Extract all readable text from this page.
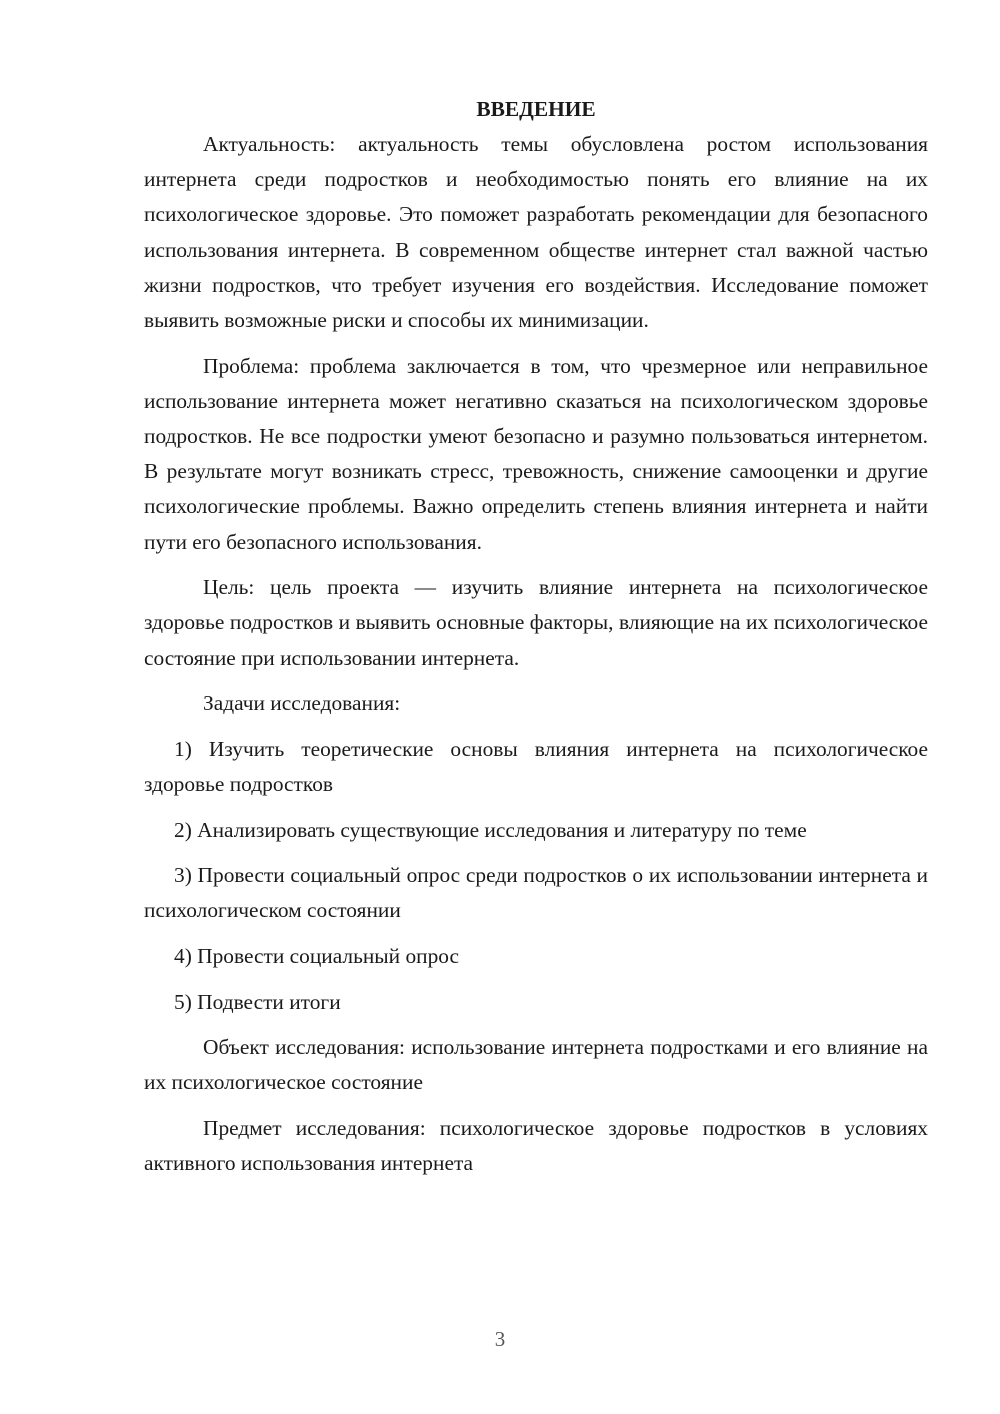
ВВЕДЕНИЕ

Актуальность: актуальность темы обусловлена ростом использования интернета среди подростков и необходимостью понять его влияние на их психологическое здоровье. Это поможет разработать рекомендации для безопасного использования интернета. В современном обществе интернет стал важной частью жизни подростков, что требует изучения его воздействия. Исследование поможет выявить возможные риски и способы их минимизации.

Проблема: проблема заключается в том, что чрезмерное или неправильное использование интернета может негативно сказаться на психологическом здоровье подростков. Не все подростки умеют безопасно и разумно пользоваться интернетом. В результате могут возникать стресс, тревожность, снижение самооценки и другие психологические проблемы. Важно определить степень влияния интернета и найти пути его безопасного использования.

Цель: цель проекта — изучить влияние интернета на психологическое здоровье подростков и выявить основные факторы, влияющие на их психологическое состояние при использовании интернета.

Задачи исследования:

1) Изучить теоретические основы влияния интернета на психологическое здоровье подростков

2) Анализировать существующие исследования и литературу по теме

3) Провести социальный опрос среди подростков о их использовании интернета и психологическом состоянии

4) Провести социальный опрос

5) Подвести итоги

Объект исследования: использование интернета подростками и его влияние на их психологическое состояние

Предмет исследования: психологическое здоровье подростков в условиях активного использования интернета

3
